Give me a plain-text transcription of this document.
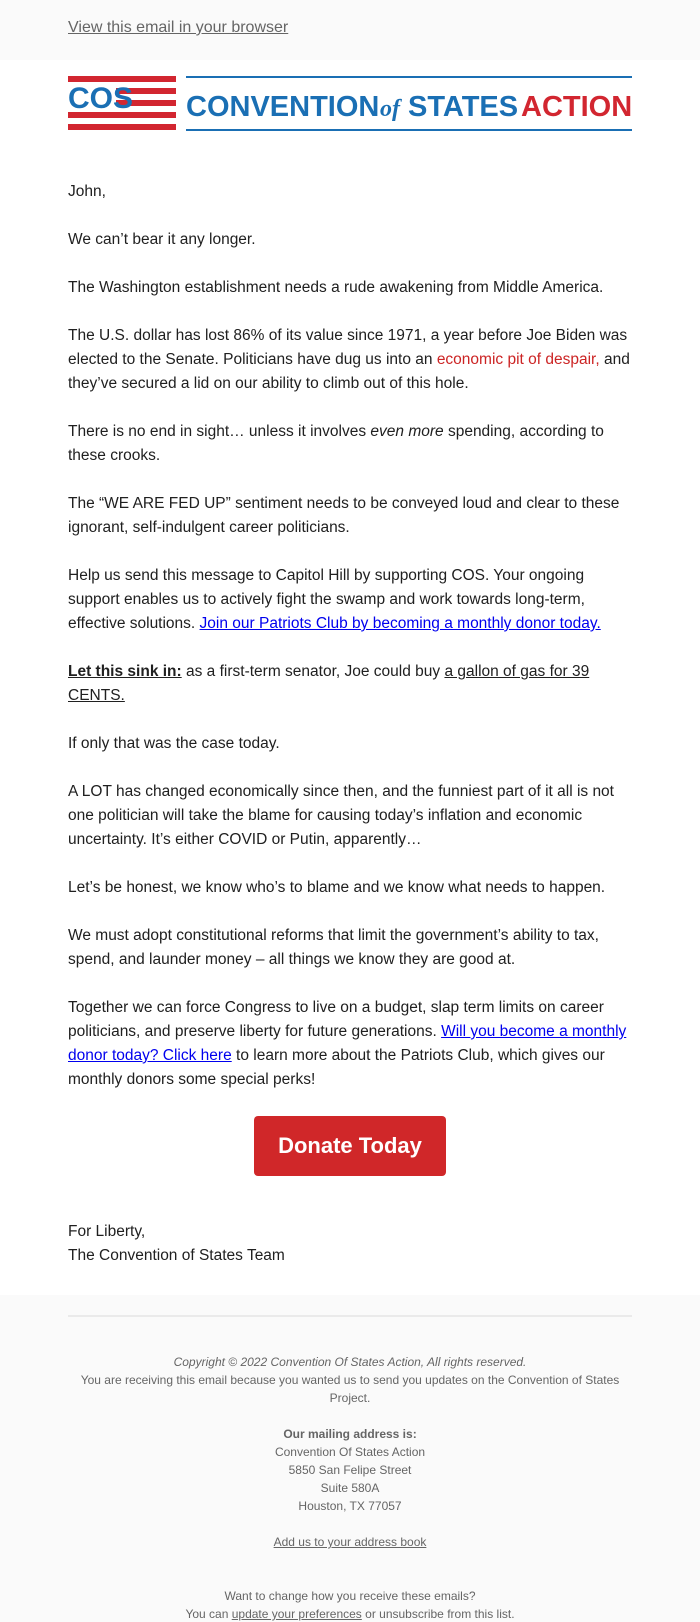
View this email in your browser
COS CONVENTION of STATES ACTION

John,

We can’t bear it any longer.

The Washington establishment needs a rude awakening from Middle America.

The U.S. dollar has lost 86% of its value since 1971, a year before Joe Biden was elected to the Senate. Politicians have dug us into an economic pit of despair, and they’ve secured a lid on our ability to climb out of this hole.

There is no end in sight… unless it involves even more spending, according to these crooks.

The “WE ARE FED UP” sentiment needs to be conveyed loud and clear to these ignorant, self-indulgent career politicians.

Help us send this message to Capitol Hill by supporting COS. Your ongoing support enables us to actively fight the swamp and work towards long-term, effective solutions. Join our Patriots Club by becoming a monthly donor today.

Let this sink in: as a first-term senator, Joe could buy a gallon of gas for 39 CENTS.

If only that was the case today.

A LOT has changed economically since then, and the funniest part of it all is not one politician will take the blame for causing today’s inflation and economic uncertainty. It’s either COVID or Putin, apparently…

Let’s be honest, we know who’s to blame and we know what needs to happen.

We must adopt constitutional reforms that limit the government’s ability to tax, spend, and launder money – all things we know they are good at.

Together we can force Congress to live on a budget, slap term limits on career politicians, and preserve liberty for future generations. Will you become a monthly donor today? Click here to learn more about the Patriots Club, which gives our monthly donors some special perks!

Donate Today
For Liberty,
The Convention of States Team
Copyright © 2022 Convention Of States Action, All rights reserved.
You are receiving this email because you wanted us to send you updates on the Convention of States Project.
Our mailing address is:
Convention Of States Action
5850 San Felipe Street
Suite 580A
Houston, TX 77057
Add us to your address book
Want to change how you receive these emails?
You can update your preferences or unsubscribe from this list.
